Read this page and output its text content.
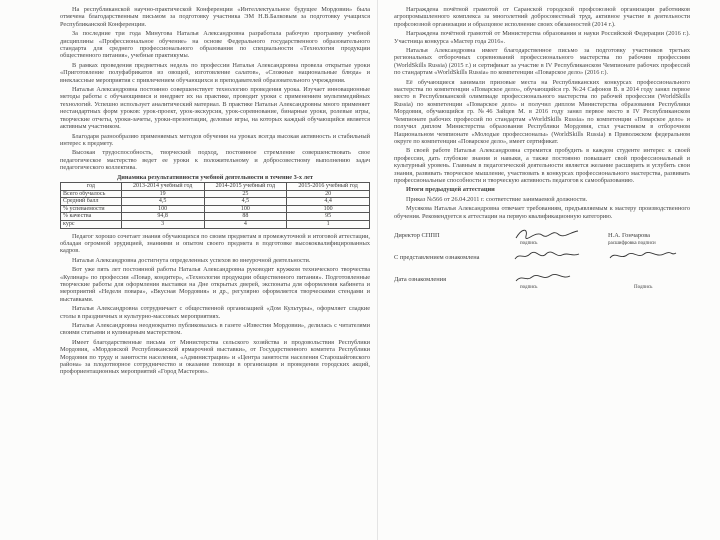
На республиканской научно-практической Конференции «Интеллектуальное будущее Мордовии» была отмечена благодарственным письмом за подготовку участника ЭМ Н.В.Балковым за подготовку учащихся Республиканской Конференции.

За последние три года Минугова Наталья Александровна разработала рабочую программу учебной дисциплины «Профессиональное обучение» на основе Федерального государственного образовательного стандарта для среднего профессионального образования по специальности «Технология продукции общественного питания», учебные практикумы.

В рамках проведения предметных недель по профессии Наталья Александровна провела открытые уроки «Приготовление полуфабрикатов из овощей, изготовление салатов», «Сложные национальные блюда» и внеклассные мероприятия с привлечением обучающихся и преподавателей образовательного учреждения.

Наталья Александровна постоянно совершенствует технологию проведения урока. Изучает инновационные методы работы с обучающимися и внедряет их на практике, проводит уроки с применением мультимедийных технологий. Успешно использует аналитический материал. В практике Натальи Александровны много применяет нестандартных форм уроков: урок-проект, урок-экскурсия, урок-соревнование, бинарные уроки, ролевые игры, творческие отчеты, уроки-зачеты, уроки-презентации, деловые игры, на которых каждый обучающийся является активным участником.

Благодаря разнообразию применяемых методов обучения на уроках всегда высокая активность и стабильный интерес к предмету.

Высокая трудоспособность, творческий подход, постоянное стремление совершенствовать свое педагогическое мастерство ведет ее уроки к положительному и добросовестному выполнению задач педагогического коллектива.

Динамика результативности учебной деятельности в течение 3-х лет
год	2013-2014 учебный год	2014-2015 учебный год	2015-2016 учебный год
Всего обучалось	19	25	20
Средний балл	4,5	4,5	4,4
% успеваемости	100	100	100
% качества	94,8	88	95
курс	3	4	1

Педагог хорошо сочетает знания обучающихся по своим предметам в промежуточной и итоговой аттестации, обладая огромной эрудицией, знаниями и опытом своего предмета в подготовке высококвалифицированных кадров.

Наталья Александровна достигнута определенных успехов во внеурочной деятельности.

Вот уже пять лет постоянной работы Наталья Александровна руководит кружком технического творчества «Кулинар» по профессии «Повар, кондитер», «Технология продукции общественного питания». Подготовленные творческие работы для оформления выставки на Дне открытых дверей, экспонаты для оформления кабинета и мероприятий «Неделя повара», «Вкусная Мордовия» и др., регулярно оформляется творческими стендами и выставками.

Наталья Александровна сотрудничает с общественной организацией «Дом Культуры», оформляет сладкие столы в праздничных и культурно-массовых мероприятиях.

Наталья Александровна неоднократно публиковалась в газете «Известия Мордовии», делилась с читателями своими статьями и кулинарным мастерством.

Имеет благодарственные письма от Министерства сельского хозяйства и продовольствия Республики Мордовия, «Мордовской Республиканской ярмарочной выставки», от Государственного комитета Республики Мордовия по труду и занятости населения, «Администрации» и «Центра занятости населения Старошайговского района» за плодотворное сотрудничество и оказание помощи в организации и проведении городских акций, профориентационных мероприятий «Город Мастеров».

Награждена почётной грамотой от Саранской городской профсоюзной организации работников агропромышленного комплекса за многолетний добросовестный труд, активное участие в деятельности профсоюзной организации и образцовое исполнение своих обязанностей (2014 г.).

Награждена почётной грамотой от Министерства образования и науки Российской Федерации (2016 г.). Участница конкурса «Мастер года 2016».

Наталья Александровна имеет благодарственное письмо за подготовку участников третьих региональных отборочных соревнований профессионального мастерства по рабочим профессиям (WorldSkills Russia) (2015 г.) и сертификат за участие в IV Республиканском Чемпионате рабочих профессий по стандартам «WorldSkills Russia» по компетенции «Поварское дело» (2016 г.).

Её обучающиеся занимали призовые места на Республиканских конкурсах профессионального мастерства по компетенции «Поварское дело», обучающийся гр. №24 Сафонов В. в 2014 году занял первое место в Республиканской олимпиаде профессионального мастерства по рабочей профессии (WorldSkills Russia) по компетенции «Поварское дело» и получил диплом Министерства образования Республики Мордовия, обучающийся гр. №46 Зайцев М. в 2016 году занял первое место в IV Республиканском Чемпионате рабочих профессий по стандартам «WorldSkills Russia» по компетенции «Поварское дело» и получил диплом Министерства образования Республики Мордовия, стал участником в отборочном Национальном чемпионате «Молодые профессионалы» (WorldSkills Russia) в Приволжском федеральном округе по компетенции «Поварское дело», имеет сертификат.

В своей работе Наталья Александровна стремится пробудить в каждом студенте интерес к своей профессии, дать глубокие знания и навыки, а также постоянно повышает свой профессиональный и культурный уровень. Главным в педагогической деятельности является желание расширить и углубить свои знания, развивать творческое мышление, участвовать в конкурсах профессионального мастерства, развивать профессиональные способности и творческую активность педагогов к самообразованию.

Итоги предыдущей аттестации

Приказ №566 от 26.04.2011 г. соответствие занимаемой должности.

Мусякова Наталья Александровна отвечает требованиям, предъявляемым к мастеру производственного обучения. Рекомендуется к аттестации на первую квалификационную категорию.

Директор СППП
подпись
Н.А. Гончарова
расшифровка подписи
С представлением ознакомлена
Дата ознакомления
подпись	Подпись
